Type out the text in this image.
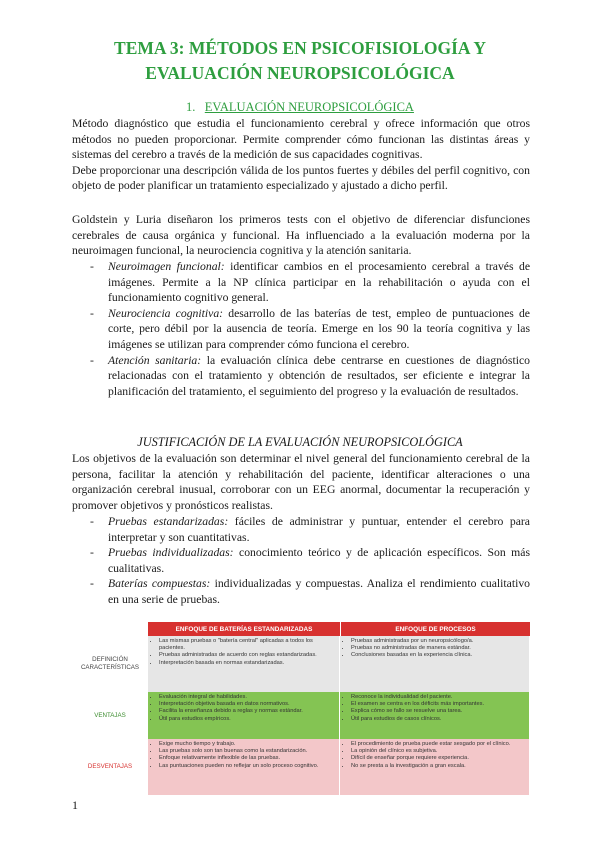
TEMA 3: MÉTODOS EN PSICOFISIOLOGÍA Y
EVALUACIÓN NEUROPSICOLÓGICA
1. EVALUACIÓN NEUROPSICOLÓGICA

Método diagnóstico que estudia el funcionamiento cerebral y ofrece información que otros métodos no pueden proporcionar. Permite comprender cómo funcionan las distintas áreas y sistemas del cerebro a través de la medición de sus capacidades cognitivas.

Debe proporcionar una descripción válida de los puntos fuertes y débiles del perfil cognitivo, con objeto de poder planificar un tratamiento especializado y ajustado a dicho perfil.

Goldstein y Luria diseñaron los primeros tests con el objetivo de diferenciar disfunciones cerebrales de causa orgánica y funcional. Ha influenciado a la evaluación moderna por la neuroimagen funcional, la neurociencia cognitiva y la atención sanitaria.

- Neuroimagen funcional: identificar cambios en el procesamiento cerebral a través de imágenes. Permite a la NP clínica participar en la rehabilitación o ayuda con el funcionamiento cognitivo general.
- Neurociencia cognitiva: desarrollo de las baterías de test, empleo de puntuaciones de corte, pero débil por la ausencia de teoría. Emerge en los 90 la teoría cognitiva y las imágenes se utilizan para comprender cómo funciona el cerebro.
- Atención sanitaria: la evaluación clínica debe centrarse en cuestiones de diagnóstico relacionadas con el tratamiento y obtención de resultados, ser eficiente e integrar la planificación del tratamiento, el seguimiento del progreso y la evaluación de resultados.
JUSTIFICACIÓN DE LA EVALUACIÓN NEUROPSICOLÓGICA

Los objetivos de la evaluación son determinar el nivel general del funcionamiento cerebral de la persona, facilitar la atención y rehabilitación del paciente, identificar alteraciones o una organización cerebral inusual, corroborar con un EEG anormal, documentar la recuperación y promover objetivos y pronósticos realistas.

- Pruebas estandarizadas: fáciles de administrar y puntuar, entender el cerebro para interpretar y son cuantitativas.
- Pruebas individualizadas: conocimiento teórico y de aplicación específicos. Son más cualitativas.
- Baterías compuestas: individualizadas y compuestas. Analiza el rendimiento cualitativo en una serie de pruebas.
ENFOQUE DE BATERÍAS ESTANDARIZADAS	ENFOQUE DE PROCESOS
DEFINICIÓN CARACTERÍSTICAS
• Las mismas pruebas o "batería central" aplicadas a todos los pacientes.
• Pruebas administradas de acuerdo con reglas estandarizadas.
• Interpretación basada en normas estandarizadas.
• Pruebas administradas por un neuropsicólogo/a.
• Pruebas no administradas de manera estándar.
• Conclusiones basadas en la experiencia clínica.
VENTAJAS
• Evaluación integral de habilidades.
• Interpretación objetiva basada en datos normativos.
• Facilita la enseñanza debido a reglas y normas estándar.
• Útil para estudios empíricos.
• Reconoce la individualidad del paciente.
• El examen se centra en los déficits más importantes.
• Explica cómo se fallo se resuelve una tarea.
• Útil para estudios de casos clínicos.
DESVENTAJAS
• Exige mucho tiempo y trabajo.
• Las pruebas solo son tan buenas como la estandarización.
• Enfoque relativamente inflexible de las pruebas.
• Las puntuaciones pueden no reflejar un solo proceso cognitivo.
• El procedimiento de prueba puede estar sesgado por el clínico.
• La opinión del clínico es subjetiva.
• Difícil de enseñar porque requiere experiencia.
• No se presta a la investigación a gran escala.
1
